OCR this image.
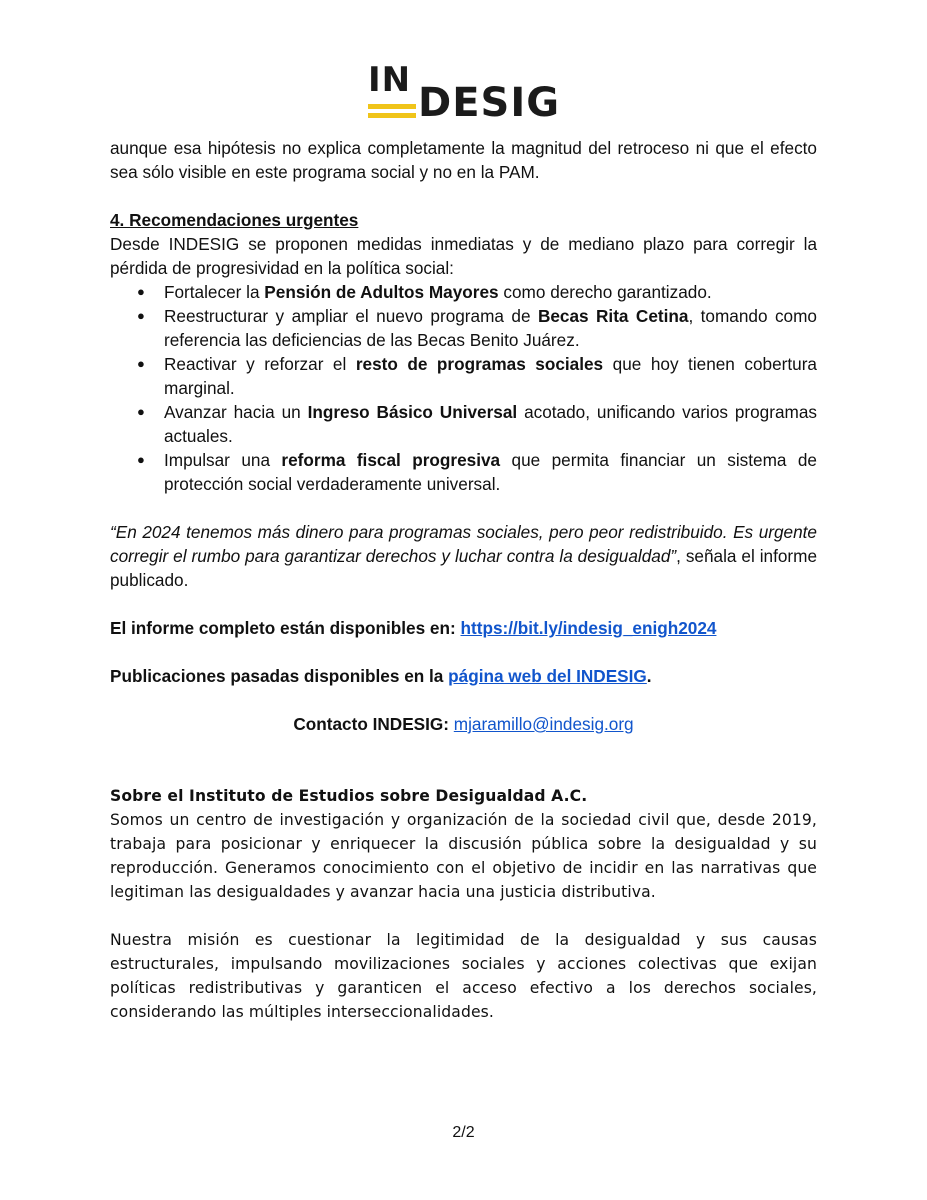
IN DESIG

aunque esa hipótesis no explica completamente la magnitud del retroceso ni que el efecto sea sólo visible en este programa social y no en la PAM.

4. Recomendaciones urgentes

Desde INDESIG se proponen medidas inmediatas y de mediano plazo para corregir la pérdida de progresividad en la política social:

● Fortalecer la Pensión de Adultos Mayores como derecho garantizado.
● Reestructurar y ampliar el nuevo programa de Becas Rita Cetina, tomando como referencia las deficiencias de las Becas Benito Juárez.
● Reactivar y reforzar el resto de programas sociales que hoy tienen cobertura marginal.
● Avanzar hacia un Ingreso Básico Universal acotado, unificando varios programas actuales.
● Impulsar una reforma fiscal progresiva que permita financiar un sistema de protección social verdaderamente universal.

“En 2024 tenemos más dinero para programas sociales, pero peor redistribuido. Es urgente corregir el rumbo para garantizar derechos y luchar contra la desigualdad”, señala el informe publicado.

El informe completo están disponibles en: https://bit.ly/indesig_enigh2024

Publicaciones pasadas disponibles en la página web del INDESIG.

Contacto INDESIG: mjaramillo@indesig.org

Sobre el Instituto de Estudios sobre Desigualdad A.C.

Somos un centro de investigación y organización de la sociedad civil que, desde 2019, trabaja para posicionar y enriquecer la discusión pública sobre la desigualdad y su reproducción. Generamos conocimiento con el objetivo de incidir en las narrativas que legitiman las desigualdades y avanzar hacia una justicia distributiva.

Nuestra misión es cuestionar la legitimidad de la desigualdad y sus causas estructurales, impulsando movilizaciones sociales y acciones colectivas que exijan políticas redistributivas y garanticen el acceso efectivo a los derechos sociales, considerando las múltiples interseccionalidades.

2/2
